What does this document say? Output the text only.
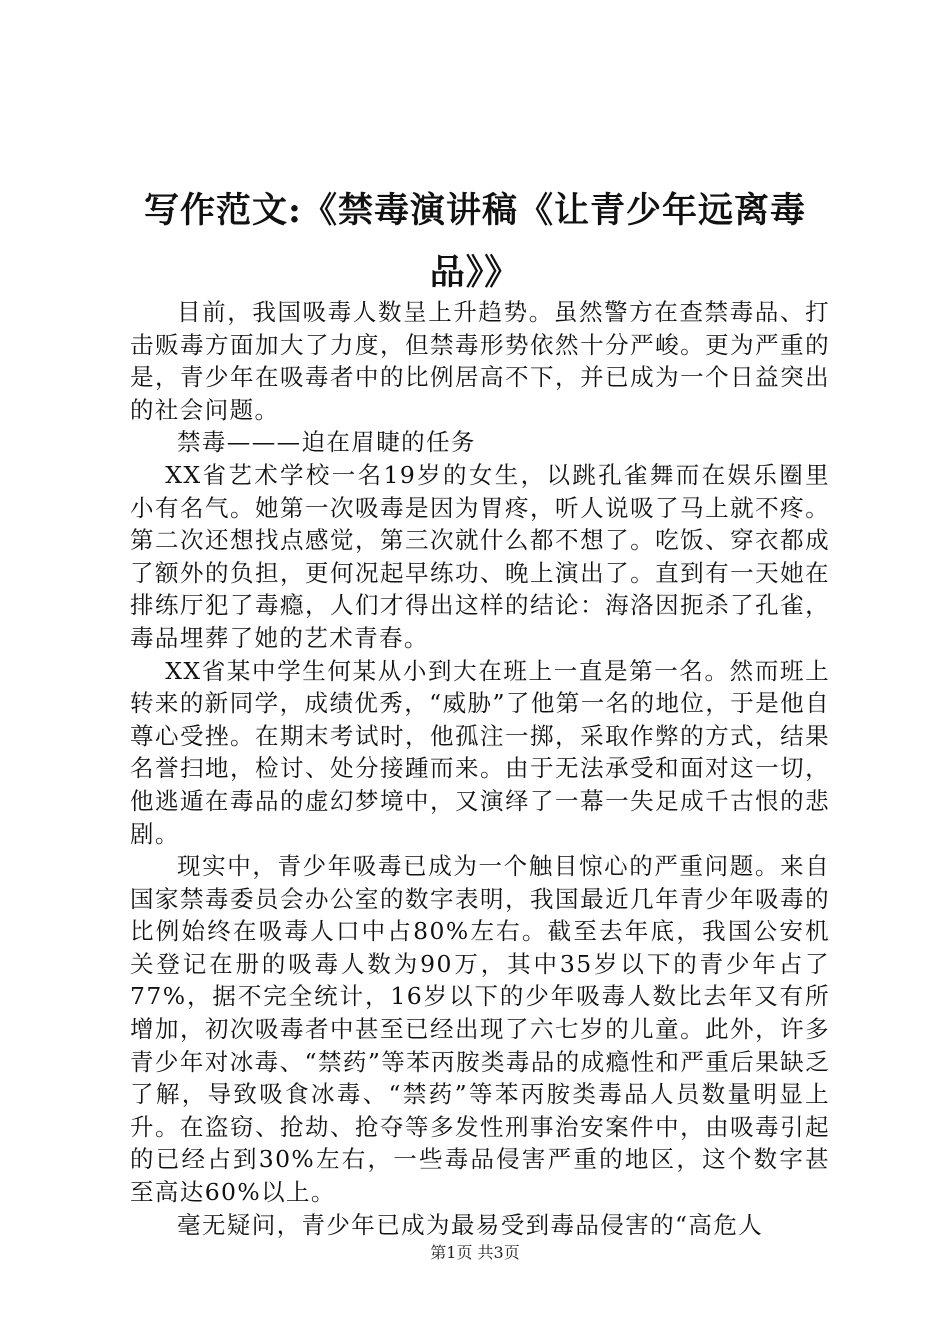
写作范文:《禁毒演讲稿《让青少年远离毒品》》

目前，我国吸毒人数呈上升趋势。虽然警方在查禁毒品、打击贩毒方面加大了力度，但禁毒形势依然十分严峻。更为严重的是，青少年在吸毒者中的比例居高不下，并已成为一个日益突出的社会问题。

禁毒———迫在眉睫的任务

XX省艺术学校一名19岁的女生，以跳孔雀舞而在娱乐圈里小有名气。她第一次吸毒是因为胃疼，听人说吸了马上就不疼。第二次还想找点感觉，第三次就什么都不想了。吃饭、穿衣都成了额外的负担，更何况起早练功、晚上演出了。直到有一天她在排练厅犯了毒瘾，人们才得出这样的结论：海洛因扼杀了孔雀，毒品埋葬了她的艺术青春。

XX省某中学生何某从小到大在班上一直是第一名。然而班上转来的新同学，成绩优秀，“威胁”了他第一名的地位，于是他自尊心受挫。在期末考试时，他孤注一掷，采取作弊的方式，结果名誉扫地，检讨、处分接踵而来。由于无法承受和面对这一切，他逃遁在毒品的虚幻梦境中，又演绎了一幕一失足成千古恨的悲剧。

现实中，青少年吸毒已成为一个触目惊心的严重问题。来自国家禁毒委员会办公室的数字表明，我国最近几年青少年吸毒的比例始终在吸毒人口中占80%左右。截至去年底，我国公安机关登记在册的吸毒人数为90万，其中35岁以下的青少年占了77%，据不完全统计，16岁以下的少年吸毒人数比去年又有所增加，初次吸毒者中甚至已经出现了六七岁的儿童。此外，许多青少年对冰毒、“禁药”等苯丙胺类毒品的成瘾性和严重后果缺乏了解，导致吸食冰毒、“禁药”等苯丙胺类毒品人员数量明显上升。在盗窃、抢劫、抢夺等多发性刑事治安案件中，由吸毒引起的已经占到30%左右，一些毒品侵害严重的地区，这个数字甚至高达60%以上。

毫无疑问，青少年已成为最易受到毒品侵害的“高危人

第1页 共3页
